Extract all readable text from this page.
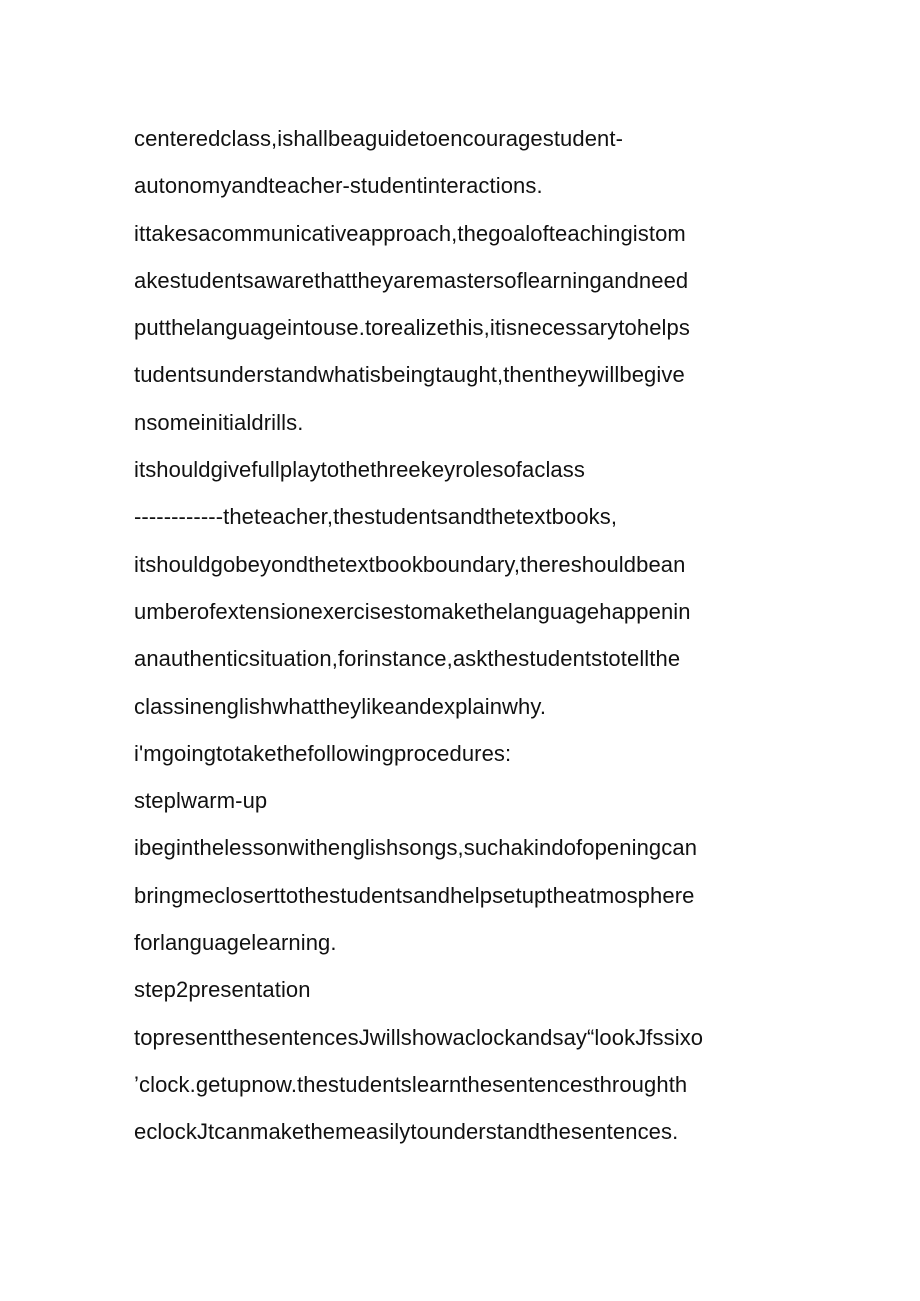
centeredclass,ishallbeaguidetoencouragestudent-
autonomyandteacher-studentinteractions.
ittakesacommunicativeapproach,thegoalofteachingistom
akestudentsawarethattheyaremastersoflearningandneed
putthelanguageintouse.torealizethis,itisnecessarytohelps
tudentsunderstandwhatisbeingtaught,thentheywillbegive
nsomeinitialdrills.
itshouldgivefullplaytothethreekeyrolesofaclass
------------theteacher,thestudentsandthetextbooks,
itshouldgobeyondthetextbookboundary,thereshouldbean
umberofextensionexercisestomakethelanguagehappenin
anauthenticsituation,forinstance,askthestudentstotellthe
classinenglishwhattheylikeandexplainwhy.
i'mgoingtotakethefollowingprocedures:
steplwarm-up
ibeginthelessonwithenglishsongs,suchakindofopeningcan
bringmecloserttothestudentsandhelpsetuptheatmosphere
forlanguagelearning.
step2presentation
topresentthesentencesJwillshowaclockandsay“lookJfssixo
’clock.getupnow.thestudentslearnthesentencesthroughth
eclockJtcanmakethemeasilytounderstandthesentences.
